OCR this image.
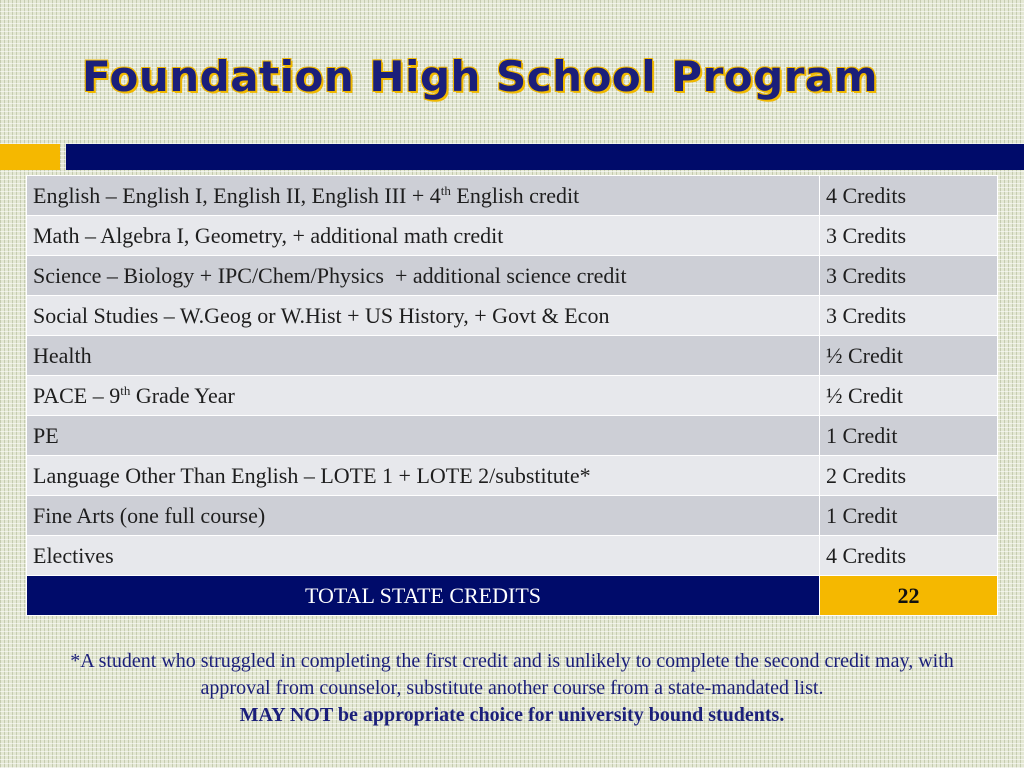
Foundation High School Program
English – English I, English II, English III + 4th English credit	4 Credits
Math – Algebra I, Geometry, + additional math credit	3 Credits
Science – Biology + IPC/Chem/Physics  + additional science credit	3 Credits
Social Studies – W.Geog or W.Hist + US History, + Govt & Econ	3 Credits
Health	½ Credit
PACE – 9th Grade Year	½ Credit
PE	1 Credit
Language Other Than English – LOTE 1 + LOTE 2/substitute*	2 Credits
Fine Arts (one full course)	1 Credit
Electives	4 Credits
TOTAL STATE CREDITS	22
*A student who struggled in completing the first credit and is unlikely to complete the second credit may, with approval from counselor, substitute another course from a state-mandated list.
MAY NOT be appropriate choice for university bound students.
